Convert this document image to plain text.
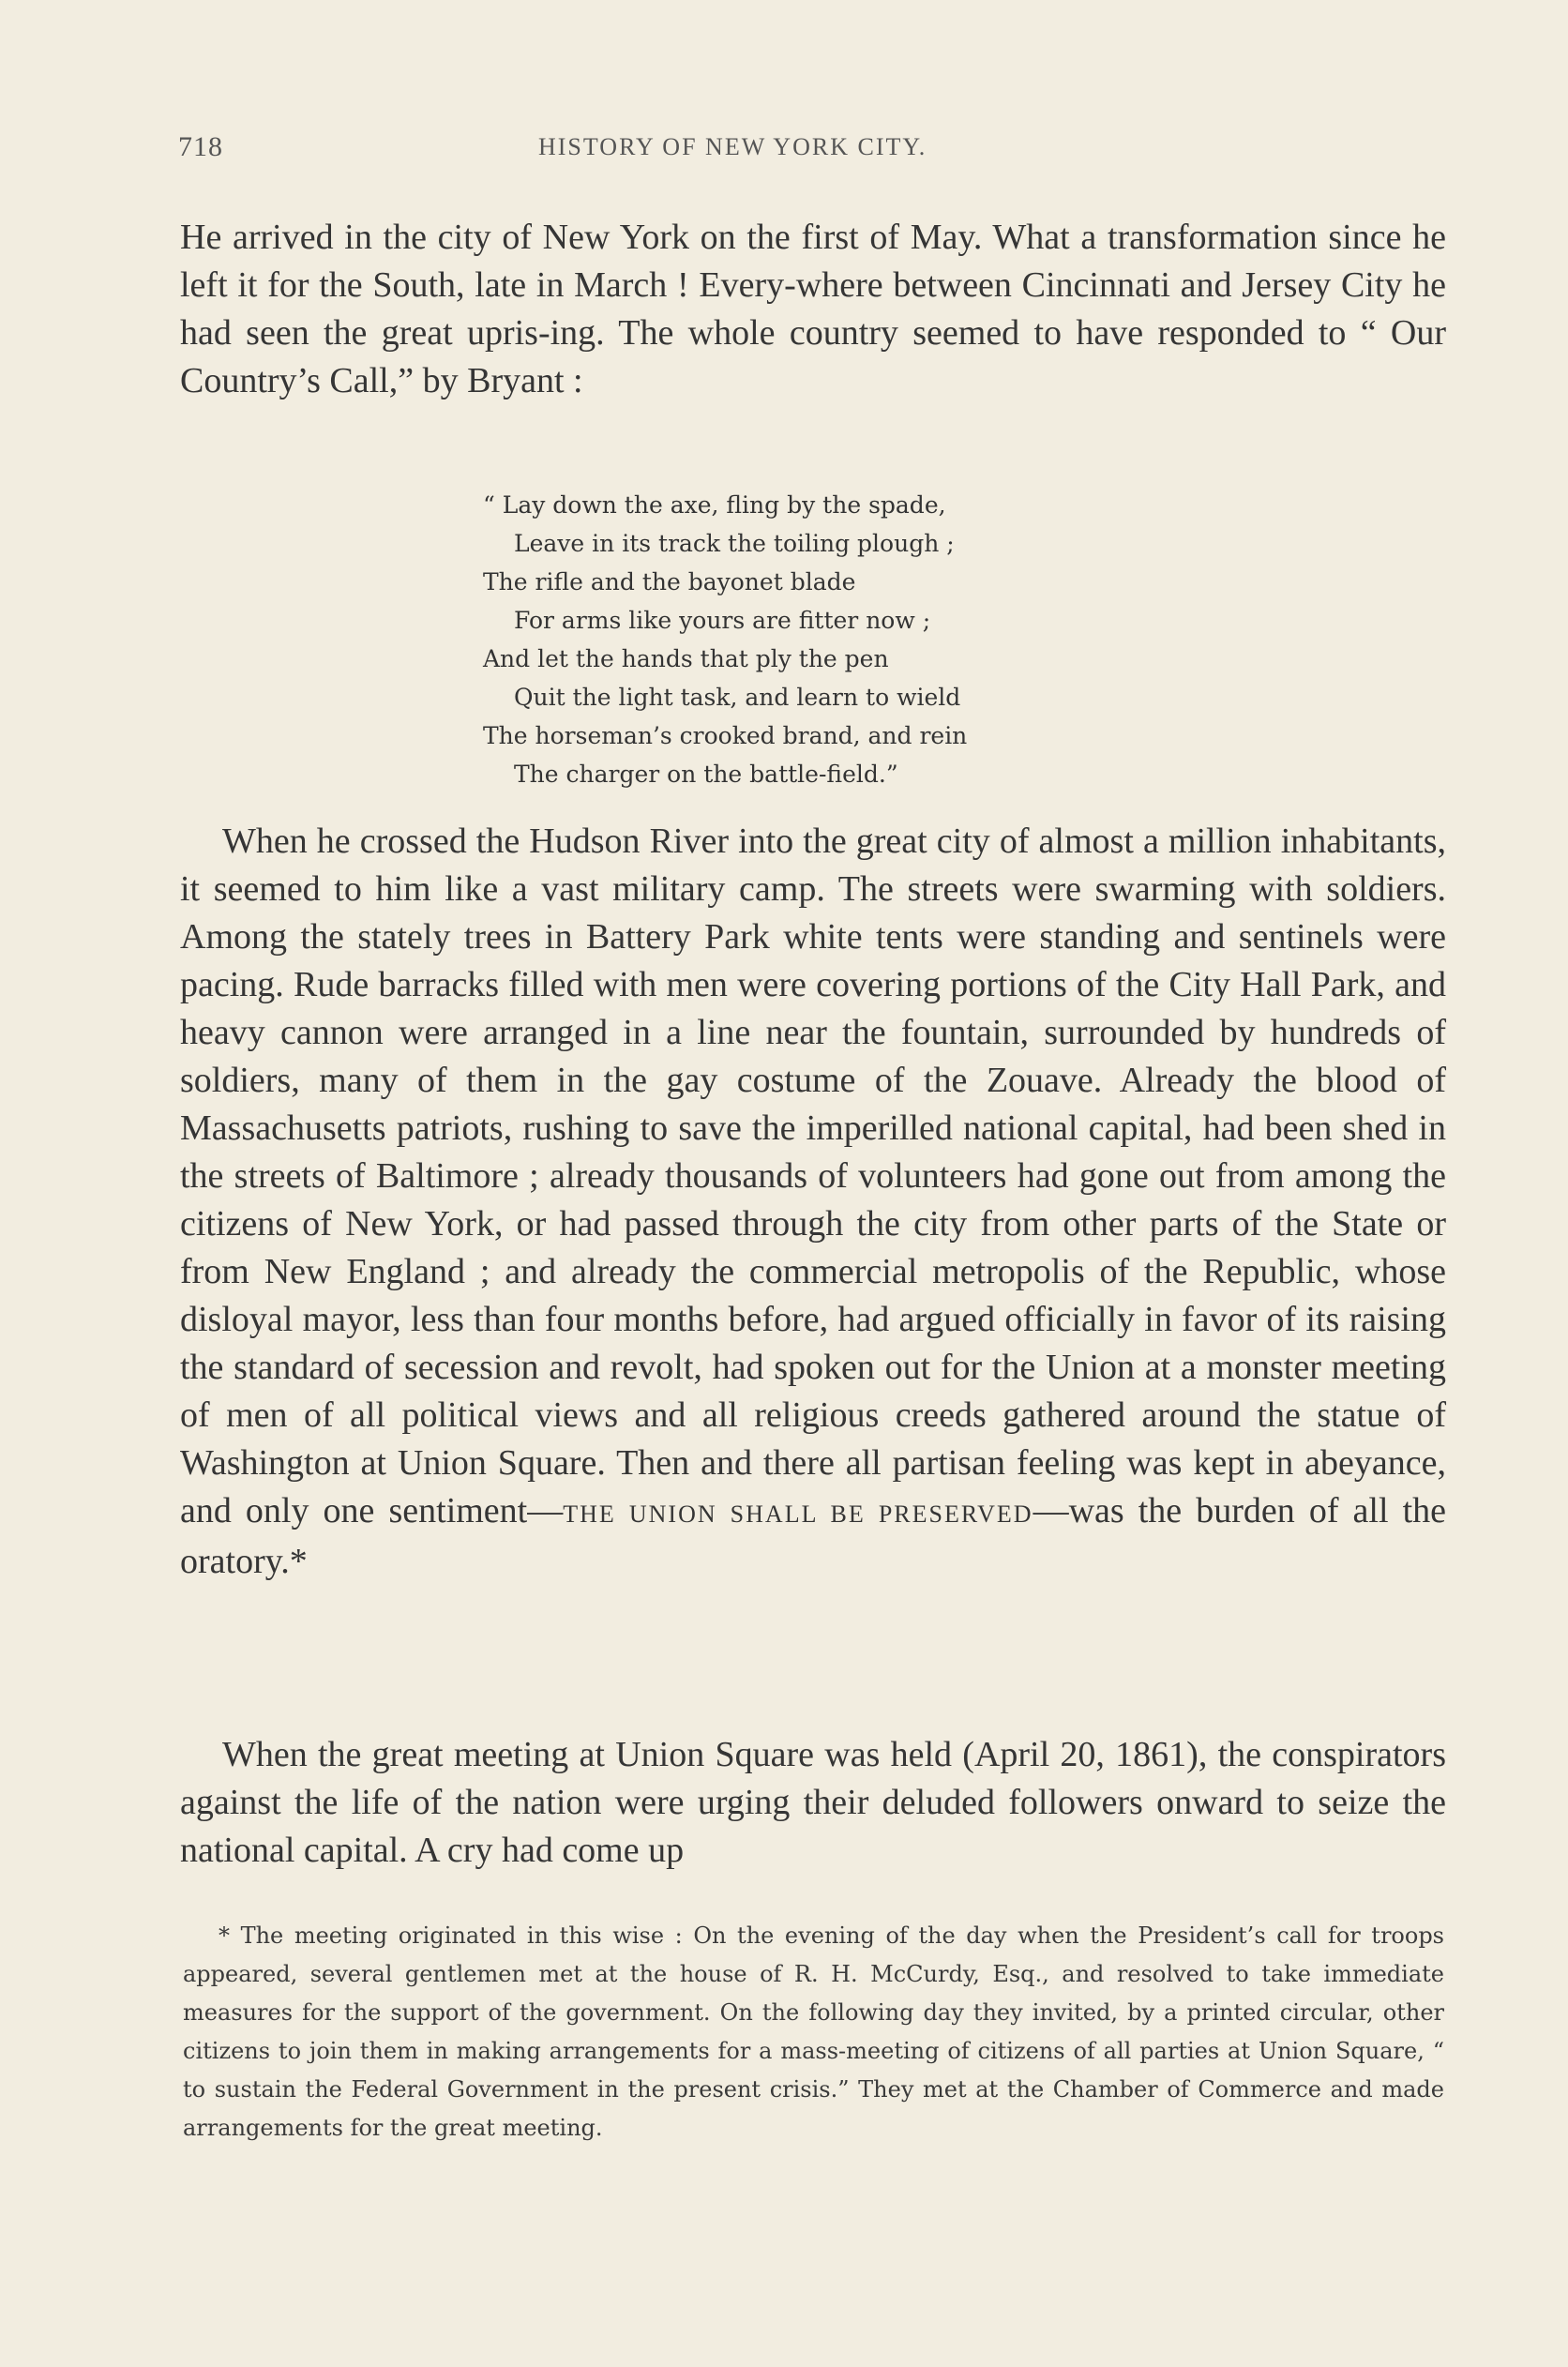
718	HISTORY OF NEW YORK CITY.

He arrived in the city of New York on the first of May. What a transformation since he left it for the South, late in March ! Every-where between Cincinnati and Jersey City he had seen the great upris-ing. The whole country seemed to have responded to “ Our Country’s Call,” by Bryant :

“ Lay down the axe, fling by the spade,
Leave in its track the toiling plough ;
The rifle and the bayonet blade
For arms like yours are fitter now ;
And let the hands that ply the pen
Quit the light task, and learn to wield
The horseman’s crooked brand, and rein
The charger on the battle-field.”

When he crossed the Hudson River into the great city of almost a million inhabitants, it seemed to him like a vast military camp. The streets were swarming with soldiers. Among the stately trees in Battery Park white tents were standing and sentinels were pacing. Rude barracks filled with men were covering portions of the City Hall Park, and heavy cannon were arranged in a line near the fountain, surrounded by hundreds of soldiers, many of them in the gay costume of the Zouave. Already the blood of Massachusetts patriots, rushing to save the imperilled national capital, had been shed in the streets of Baltimore ; already thousands of volunteers had gone out from among the citizens of New York, or had passed through the city from other parts of the State or from New England ; and already the commercial metropolis of the Republic, whose disloyal mayor, less than four months before, had argued officially in favor of its raising the standard of secession and revolt, had spoken out for the Union at a monster meeting of men of all political views and all religious creeds gathered around the statue of Washington at Union Square. Then and there all partisan feeling was kept in abeyance, and only one sentiment—THE UNION SHALL BE PRESERVED—was the burden of all the oratory.*

When the great meeting at Union Square was held (April 20, 1861), the conspirators against the life of the nation were urging their deluded followers onward to seize the national capital. A cry had come up

* The meeting originated in this wise : On the evening of the day when the President’s call for troops appeared, several gentlemen met at the house of R. H. McCurdy, Esq., and resolved to take immediate measures for the support of the government. On the following day they invited, by a printed circular, other citizens to join them in making arrangements for a mass-meeting of citizens of all parties at Union Square, “ to sustain the Federal Government in the present crisis.” They met at the Chamber of Commerce and made arrangements for the great meeting.
